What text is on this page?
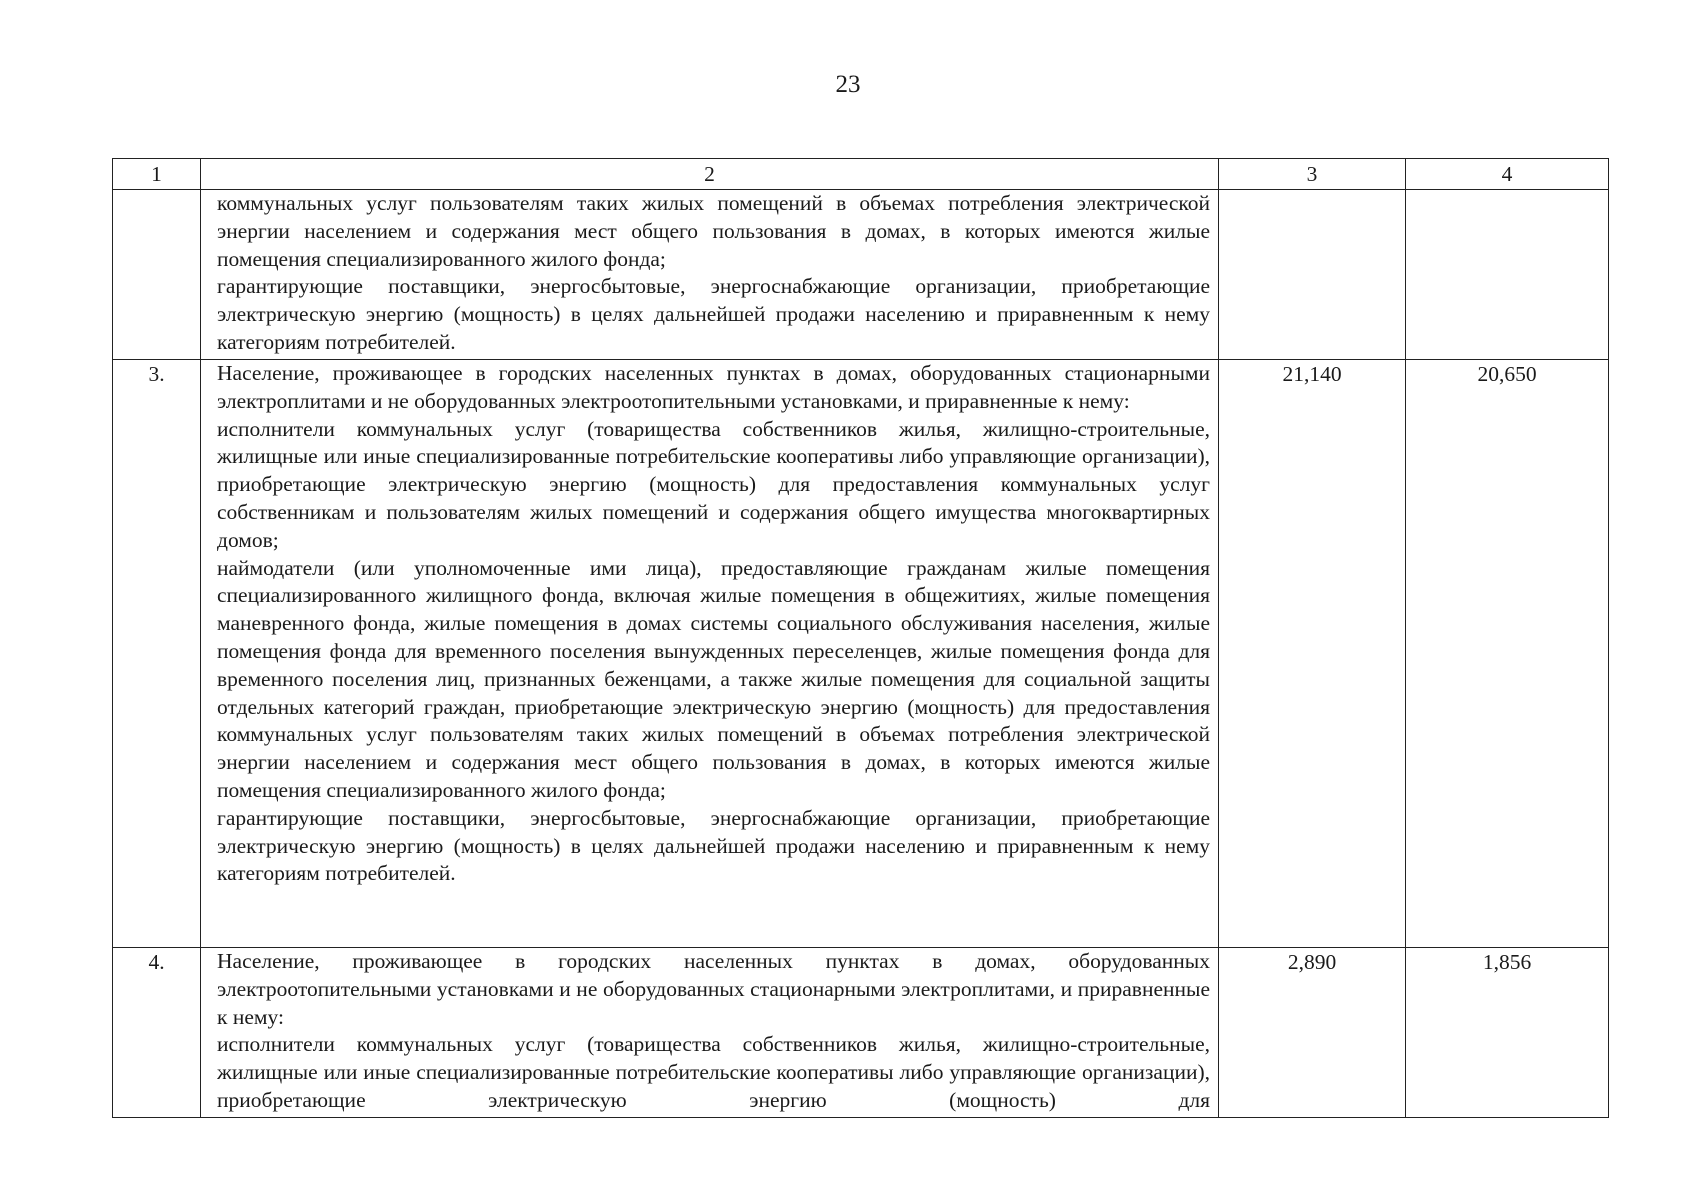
23
1	2	3	4

	коммунальных услуг пользователям таких жилых помещений в объемах потребления электрической энергии населением и содержания мест общего пользования в домах, в которых имеются жилые помещения специализированного жилого фонда;

гарантирующие поставщики, энергосбытовые, энергоснабжающие организации, приобретающие электрическую энергию (мощность) в целях дальнейшей продажи населению и приравненным к нему категориям потребителей.		

3.	Население, проживающее в городских населенных пунктах в домах, оборудованных стационарными электроплитами и не оборудованных электроотопительными установками, и приравненные к нему:

исполнители коммунальных услуг (товарищества собственников жилья, жилищно-строительные, жилищные или иные специализированные потребительские кооперативы либо управляющие организации), приобретающие электрическую энергию (мощность) для предоставления коммунальных услуг собственникам и пользователям жилых помещений и содержания общего имущества многоквартирных домов;

наймодатели (или уполномоченные ими лица), предоставляющие гражданам жилые помещения специализированного жилищного фонда, включая жилые помещения в общежитиях, жилые помещения маневренного фонда, жилые помещения в домах системы социального обслуживания населения, жилые помещения фонда для временного поселения вынужденных переселенцев, жилые помещения фонда для временного поселения лиц, признанных беженцами, а также жилые помещения для социальной защиты отдельных категорий граждан, приобретающие электрическую энергию (мощность) для предоставления коммунальных услуг пользователям таких жилых помещений в объемах потребления электрической энергии населением и содержания мест общего пользования в домах, в которых имеются жилые помещения специализированного жилого фонда;

гарантирующие поставщики, энергосбытовые, энергоснабжающие организации, приобретающие электрическую энергию (мощность) в целях дальнейшей продажи населению и приравненным к нему категориям потребителей.	21,140	20,650
4.	Население, проживающее в городских населенных пунктах в домах, оборудованных электроотопительными установками и не оборудованных стационарными электроплитами, и приравненные к нему:

исполнители коммунальных услуг (товарищества собственников жилья, жилищно-строительные, жилищные или иные специализированные потребительские кооперативы либо управляющие организации), приобретающие электрическую энергию (мощность) для	2,890	1,856
